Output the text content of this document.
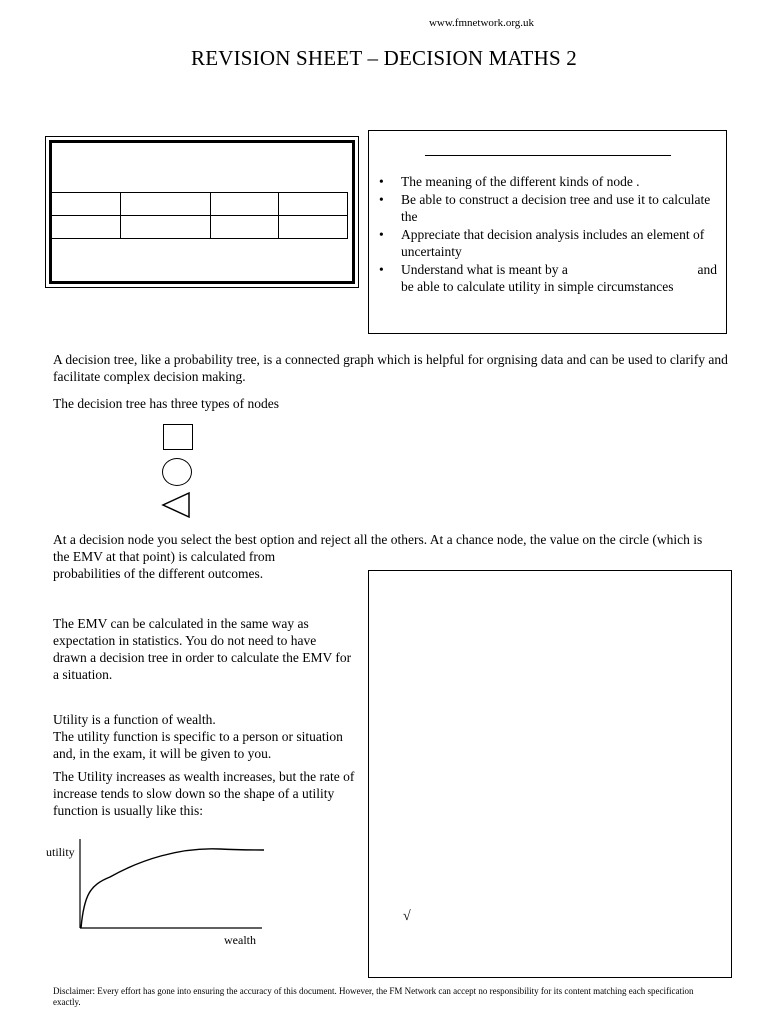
www.fmnetwork.org.uk
REVISION SHEET – DECISION MATHS 2

• The meaning of the different kinds of node .
• Be able to construct a decision tree and use it to calculate the
• Appreciate that decision analysis includes an element of uncertainty
• Understand what is meant by a	and
be able to calculate utility in simple circumstances
A decision tree, like a probability tree, is a connected graph which is helpful for orgnising data and can be used to clarify and facilitate complex decision making.
The decision tree has three types of nodes
At a decision node you select the best option and reject all the others. At a chance node, the value on the circle (which is the EMV at that point) is calculated from
probabilities of the different outcomes.
The EMV can be calculated in the same way as expectation in statistics. You do not need to have drawn a decision tree in order to calculate the EMV for a situation.
Utility is a function of wealth.
The utility function is specific to a person or situation and, in the exam, it will be given to you.
The Utility increases as wealth increases, but the rate of increase tends to slow down so the shape of a utility function is usually like this:
√
utility
wealth
Disclaimer: Every effort has gone into ensuring the accuracy of this document. However, the FM Network can accept no responsibility for its content matching each specification exactly.
